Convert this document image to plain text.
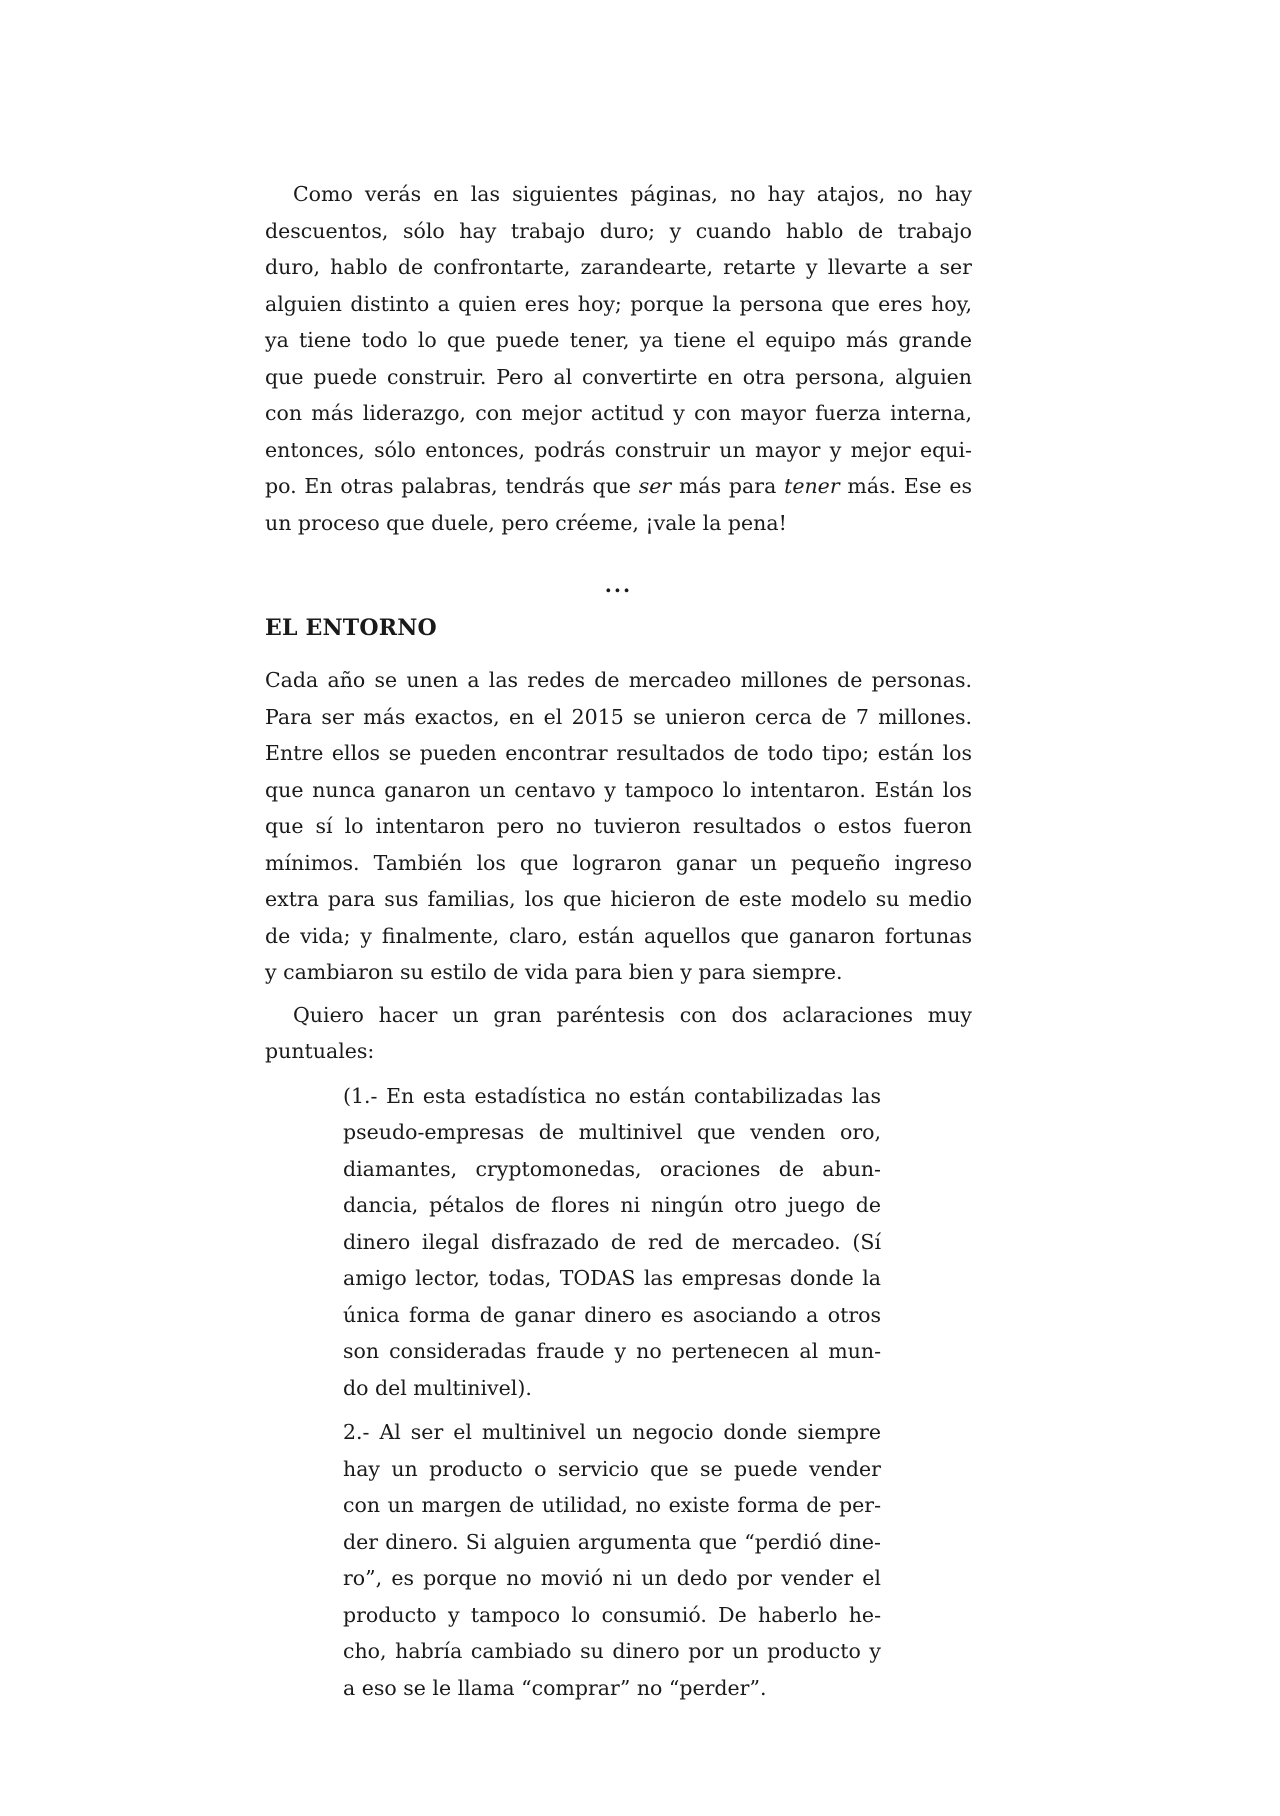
Como verás en las siguientes páginas, no hay atajos, no hay
descuentos, sólo hay trabajo duro; y cuando hablo de trabajo
duro, hablo de confrontarte, zarandearte, retarte y llevarte a ser
alguien distinto a quien eres hoy; porque la persona que eres hoy,
ya tiene todo lo que puede tener, ya tiene el equipo más grande
que puede construir. Pero al convertirte en otra persona, alguien
con más liderazgo, con mejor actitud y con mayor fuerza interna,
entonces, sólo entonces, podrás construir un mayor y mejor equi-
po. En otras palabras, tendrás que ser más para tener más. Ese es
un proceso que duele, pero créeme, ¡vale la pena!
...
EL ENTORNO
Cada año se unen a las redes de mercadeo millones de personas.
Para ser más exactos, en el 2015 se unieron cerca de 7 millones.
Entre ellos se pueden encontrar resultados de todo tipo; están los
que nunca ganaron un centavo y tampoco lo intentaron. Están los
que sí lo intentaron pero no tuvieron resultados o estos fueron
mínimos. También los que lograron ganar un pequeño ingreso
extra para sus familias, los que hicieron de este modelo su medio
de vida; y finalmente, claro, están aquellos que ganaron fortunas
y cambiaron su estilo de vida para bien y para siempre.
Quiero hacer un gran paréntesis con dos aclaraciones muy
puntuales:
(1.- En esta estadística no están contabilizadas las
pseudo-empresas de multinivel que venden oro,
diamantes, cryptomonedas, oraciones de abun-
dancia, pétalos de flores ni ningún otro juego de
dinero ilegal disfrazado de red de mercadeo. (Sí
amigo lector, todas, TODAS las empresas donde la
única forma de ganar dinero es asociando a otros
son consideradas fraude y no pertenecen al mun-
do del multinivel).
2.- Al ser el multinivel un negocio donde siempre
hay un producto o servicio que se puede vender
con un margen de utilidad, no existe forma de per-
der dinero. Si alguien argumenta que “perdió dine-
ro”, es porque no movió ni un dedo por vender el
producto y tampoco lo consumió. De haberlo he-
cho, habría cambiado su dinero por un producto y
a eso se le llama “comprar” no “perder”.
